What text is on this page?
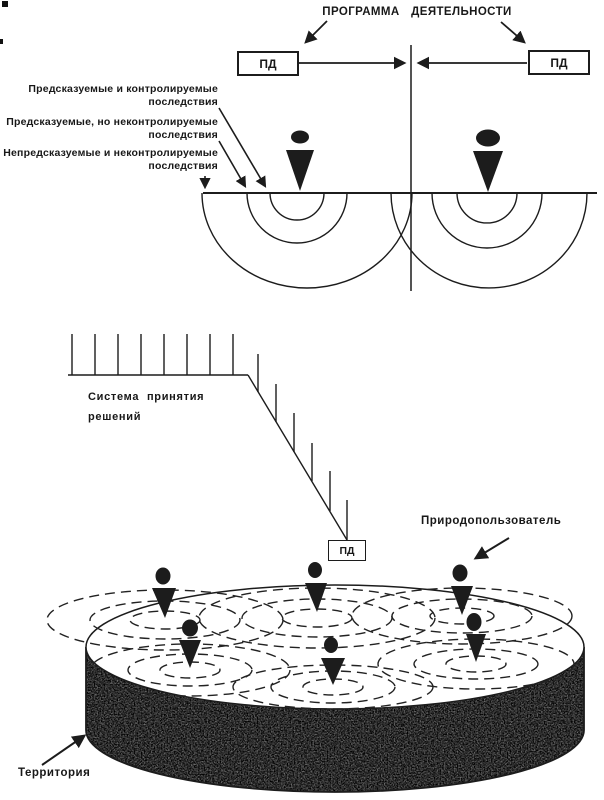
ПРОГРАММА ДЕЯТЕЛЬНОСТИ
ПД	ПД
Предсказуемые и контролируемые
последствия
Предсказуемые, но неконтролируемые
последствия
Непредсказуемые и неконтролируемые
последствия
Система принятия
решений
ПД
Природопользователь
Территория
